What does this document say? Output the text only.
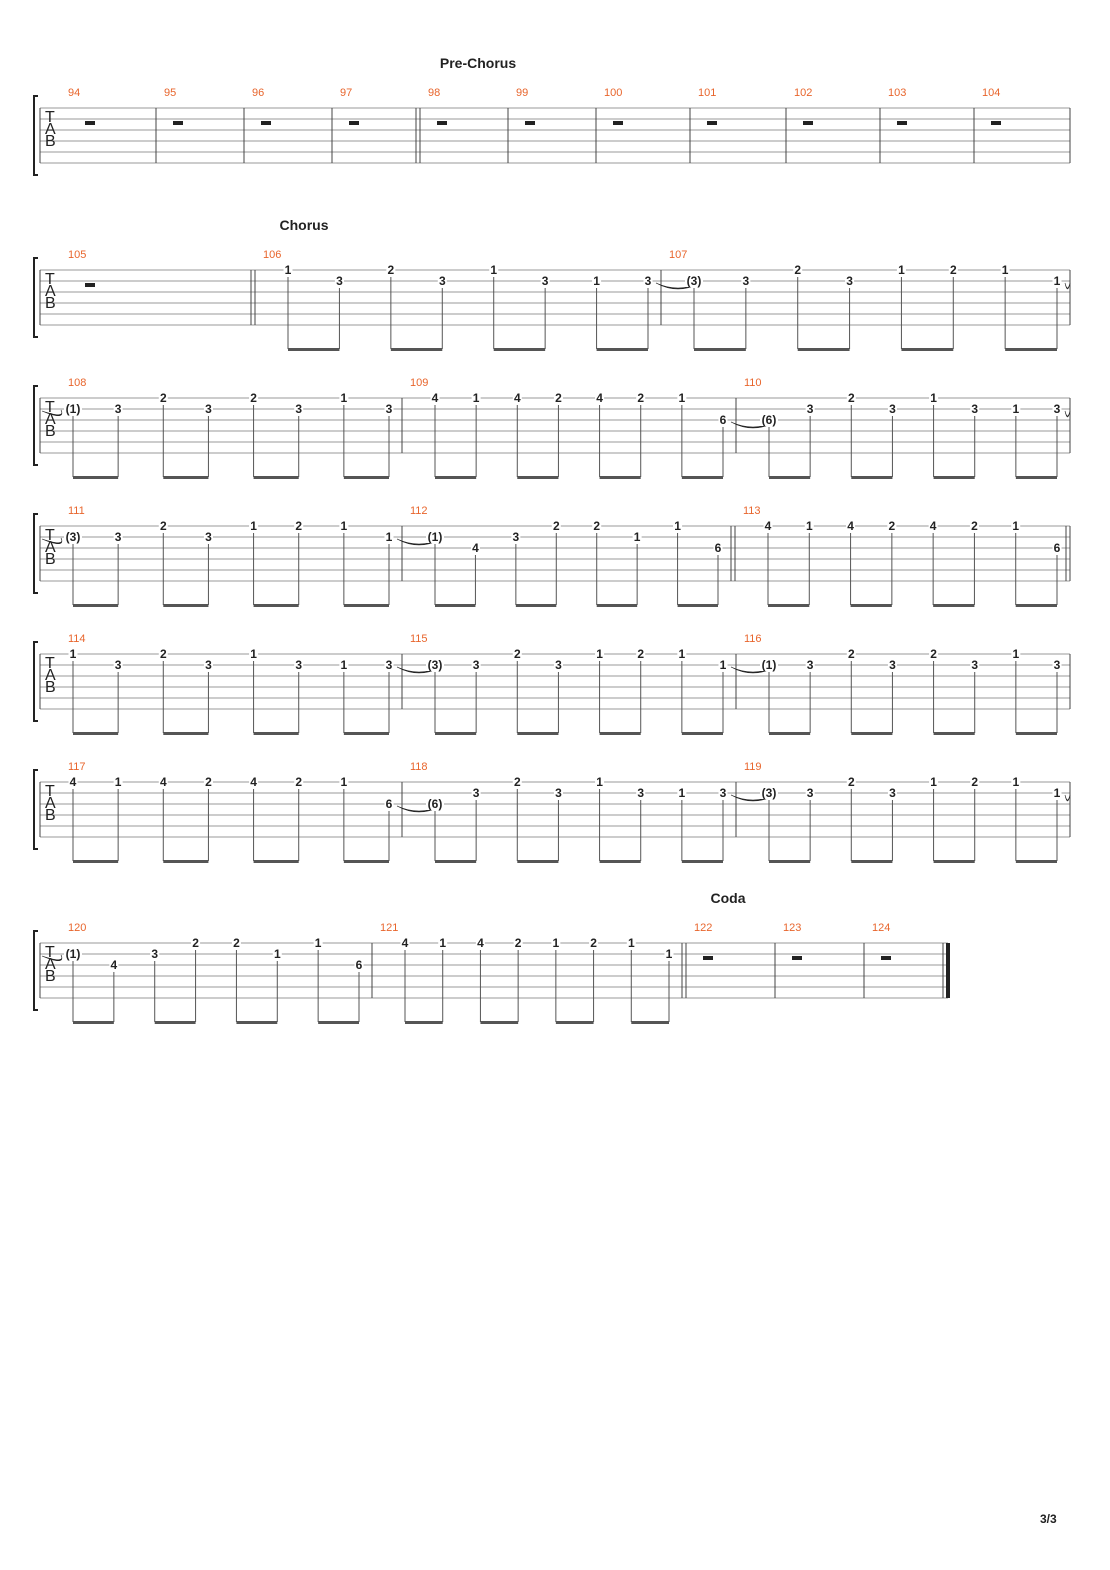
T
A
B
Pre-Chorus
94	95	96	97	98	99	100	101	102	103	104
T
A
B
Chorus
105	106
1
3
2
3
1
3	1	3
107
(3)	3
2
3
1	2	1
1
T
A
B
108
(1)	3
2
3
2
3
1
3
109
4	1	4	2	4	2	1
6
110
(6)
3
2
3
1
3	1	3
T
A
B
111
(3)	3
2
3
1	2	1
1
112
(1)
4
3
2	2
1
1
6
113
4	1	4	2	4	2	1
6
T
A
B
114
1
3
2
3
1
3	1	3
115
(3)	3
2
3
1	2	1
1
116
(1)	3
2
3
2
3
1
3
T
A
B
117
4	1	4	2	4	2	1
6
118
(6)
3
2
3
1
3	1	3
119
(3)	3
2
3
1	2	1
1
T
A
B
Coda
120
(1)
4
3
2	2
1
1
6
121
4	1	4	2	1	2	1
1
122	123	124
3/3
